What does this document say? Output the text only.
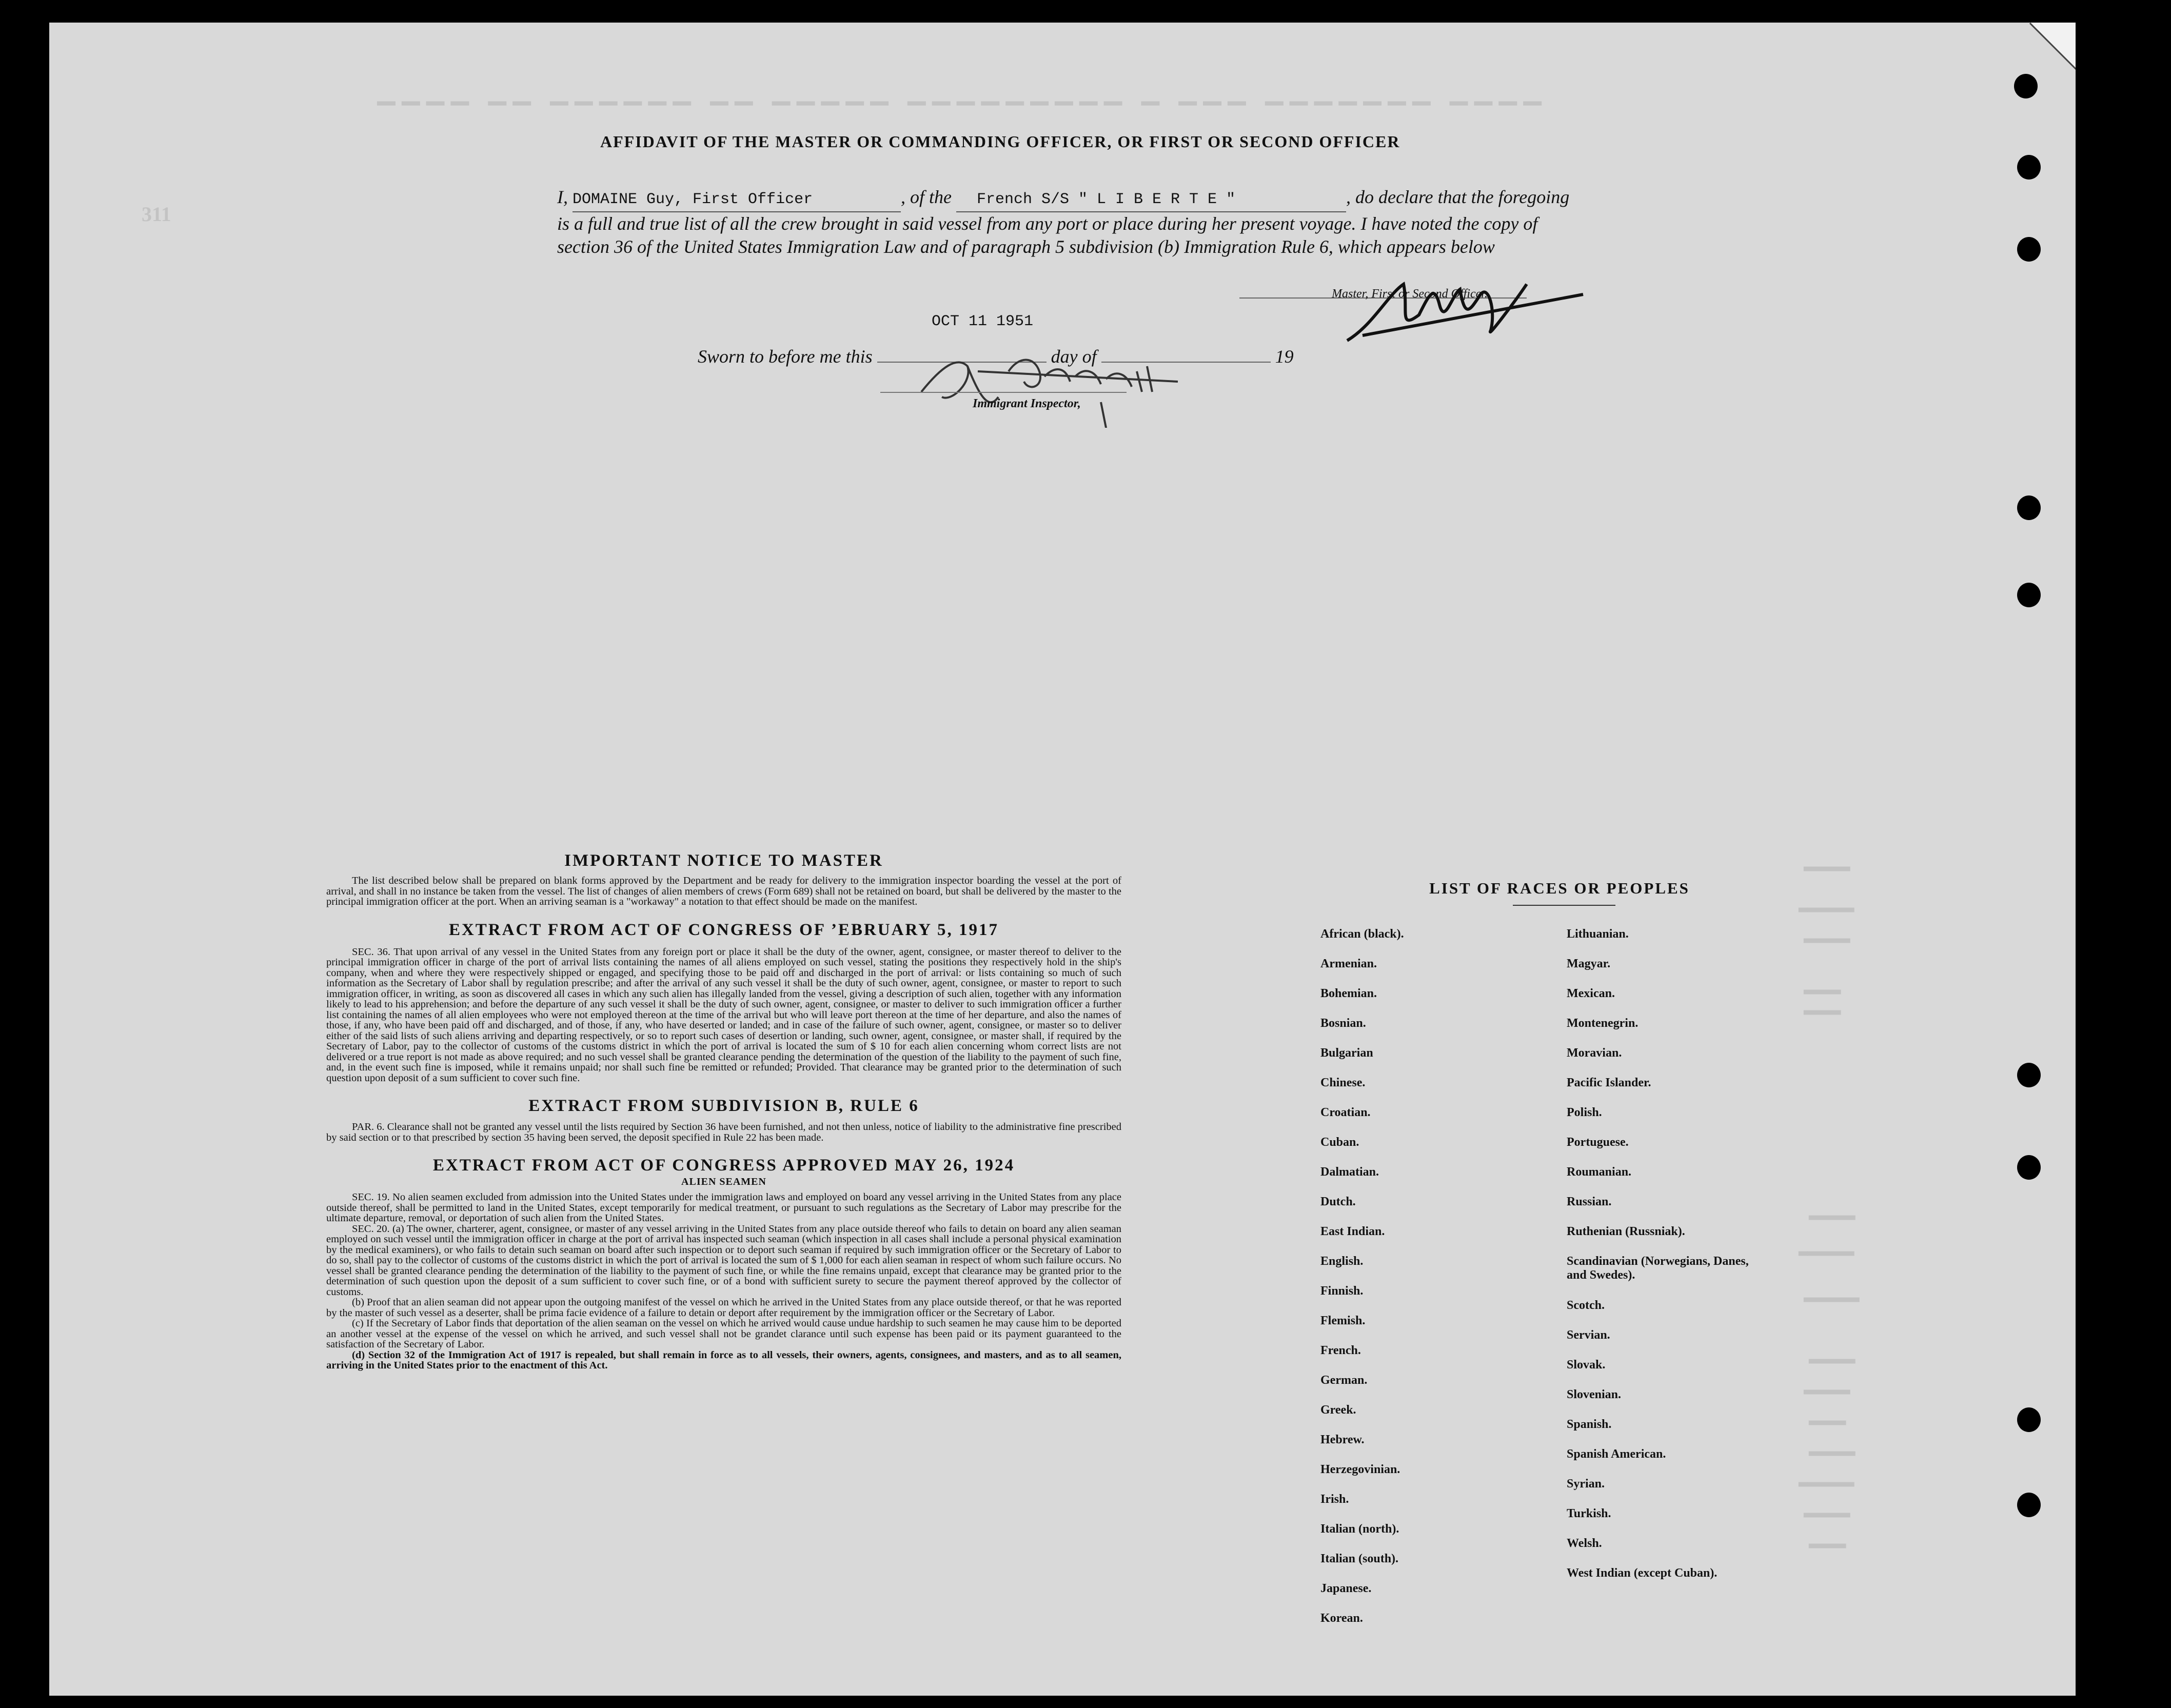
▁▁▁▁ ▁▁ ▁▁▁▁▁▁ ▁▁ ▁▁▁▁▁ ▁▁▁▁▁▁▁▁▁ ▁ ▁▁▁ ▁▁▁▁▁▁▁ ▁▁▁▁
311
▂▂▂▂▂
▂▂▂▂▂▂
▂▂▂▂▂
▂▂▂▂
▂▂▂▂
▂▂▂▂▂
▂▂▂▂▂▂
▂▂▂▂▂▂
▂▂▂▂▂
▂▂▂▂▂
▂▂▂▂
▂▂▂▂▂
▂▂▂▂▂▂
▂▂▂▂▂
▂▂▂▂
AFFIDAVIT OF THE MASTER OR COMMANDING OFFICER, OR FIRST OR SECOND OFFICER
I, DOMAINE Guy, First Officer	, of the French S/S " L I B E R T E "	, do declare that the foregoing is a full and true list of all the crew brought in said vessel from any port or place during her present voyage. I have noted the copy of section 36 of the United States Immigration Law and of paragraph 5 subdivision (b) Immigration Rule 6, which appears below
Master, First or Second Officer.
OCT 11 1951
Sworn to before me this	day of	19
Immigrant Inspector,

IMPORTANT NOTICE TO MASTER

The list described below shall be prepared on blank forms approved by the Department and be ready for delivery to the immigration inspector boarding the vessel at the port of arrival, and shall in no instance be taken from the vessel. The list of changes of alien members of crews (Form 689) shall not be retained on board, but shall be delivered by the master to the principal immigration officer at the port. When an arriving seaman is a "workaway" a notation to that effect should be made on the manifest.

EXTRACT FROM ACT OF CONGRESS OF ’EBRUARY 5, 1917

SEC. 36. That upon arrival of any vessel in the United States from any foreign port or place it shall be the duty of the owner, agent, consignee, or master thereof to deliver to the principal immigration officer in charge of the port of arrival lists containing the names of all aliens employed on such vessel, stating the positions they respectively hold in the ship's company, when and where they were respectively shipped or engaged, and specifying those to be paid off and discharged in the port of arrival: or lists containing so much of such information as the Secretary of Labor shall by regulation prescribe; and after the arrival of any such vessel it shall be the duty of such owner, agent, consignee, or master to report to such immigration officer, in writing, as soon as discovered all cases in which any such alien has illegally landed from the vessel, giving a description of such alien, together with any information likely to lead to his apprehension; and before the departure of any such vessel it shall be the duty of such owner, agent, consignee, or master to deliver to such immigration officer a further list containing the names of all alien employees who were not employed thereon at the time of the arrival but who will leave port thereon at the time of her departure, and also the names of those, if any, who have been paid off and discharged, and of those, if any, who have deserted or landed; and in case of the failure of such owner, agent, consignee, or master so to deliver either of the said lists of such aliens arriving and departing respectively, or so to report such cases of desertion or landing, such owner, agent, consignee, or master shall, if required by the Secretary of Labor, pay to the collector of customs of the customs district in which the port of arrival is located the sum of $ 10 for each alien concerning whom correct lists are not delivered or a true report is not made as above required; and no such vessel shall be granted clearance pending the determination of the question of the liability to the payment of such fine, and, in the event such fine is imposed, while it remains unpaid; nor shall such fine be remitted or refunded; Provided. That clearance may be granted prior to the determination of such question upon deposit of a sum sufficient to cover such fine.

EXTRACT FROM SUBDIVISION B, RULE 6

PAR. 6. Clearance shall not be granted any vessel until the lists required by Section 36 have been furnished, and not then unless, notice of liability to the administrative fine prescribed by said section or to that prescribed by section 35 having been served, the deposit specified in Rule 22 has been made.

EXTRACT FROM ACT OF CONGRESS APPROVED MAY 26, 1924

ALIEN SEAMEN

SEC. 19. No alien seamen excluded from admission into the United States under the immigration laws and employed on board any vessel arriving in the United States from any place outside thereof, shall be permitted to land in the United States, except temporarily for medical treatment, or pursuant to such regulations as the Secretary of Labor may prescribe for the ultimate departure, removal, or deportation of such alien from the United States.

SEC. 20. (a) The owner, charterer, agent, consignee, or master of any vessel arriving in the United States from any place outside thereof who fails to detain on board any alien seaman employed on such vessel until the immigration officer in charge at the port of arrival has inspected such seaman (which inspection in all cases shall include a personal physical examination by the medical examiners), or who fails to detain such seaman on board after such inspection or to deport such seaman if required by such immigration officer or the Secretary of Labor to do so, shall pay to the collector of customs of the customs district in which the port of arrival is located the sum of $ 1,000 for each alien seaman in respect of whom such failure occurs. No vessel shall be granted clearance pending the determination of the liability to the payment of such fine, or while the fine remains unpaid, except that clearance may be granted prior to the determination of such question upon the deposit of a sum sufficient to cover such fine, or of a bond with sufficient surety to secure the payment thereof approved by the collector of customs.

(b) Proof that an alien seaman did not appear upon the outgoing manifest of the vessel on which he arrived in the United States from any place outside thereof, or that he was reported by the master of such vessel as a deserter, shall be prima facie evidence of a failure to detain or deport after requirement by the immigration officer or the Secretary of Labor.

(c) If the Secretary of Labor finds that deportation of the alien seaman on the vessel on which he arrived would cause undue hardship to such seamen he may cause him to be deported an another vessel at the expense of the vessel on which he arrived, and such vessel shall not be grandet clarance until such expense has been paid or its payment guaranteed to the satisfaction of the Secretary of Labor.

(d) Section 32 of the Immigration Act of 1917 is repealed, but shall remain in force as to all vessels, their owners, agents, consignees, and masters, and as to all seamen, arriving in the United States prior to the enactment of this Act.

LIST OF RACES OR PEOPLES
African (black).
Armenian.
Bohemian.
Bosnian.
Bulgarian
Chinese.
Croatian.
Cuban.
Dalmatian.
Dutch.
East Indian.
English.
Finnish.
Flemish.
French.
German.
Greek.
Hebrew.
Herzegovinian.
Irish.
Italian (north).
Italian (south).
Japanese.
Korean.
Lithuanian.
Magyar.
Mexican.
Montenegrin.
Moravian.
Pacific Islander.
Polish.
Portuguese.
Roumanian.
Russian.
Ruthenian (Russniak).
Scandinavian (Norwegians, Danes, and Swedes).
Scotch.
Servian.
Slovak.
Slovenian.
Spanish.
Spanish American.
Syrian.
Turkish.
Welsh.
West Indian (except Cuban).
